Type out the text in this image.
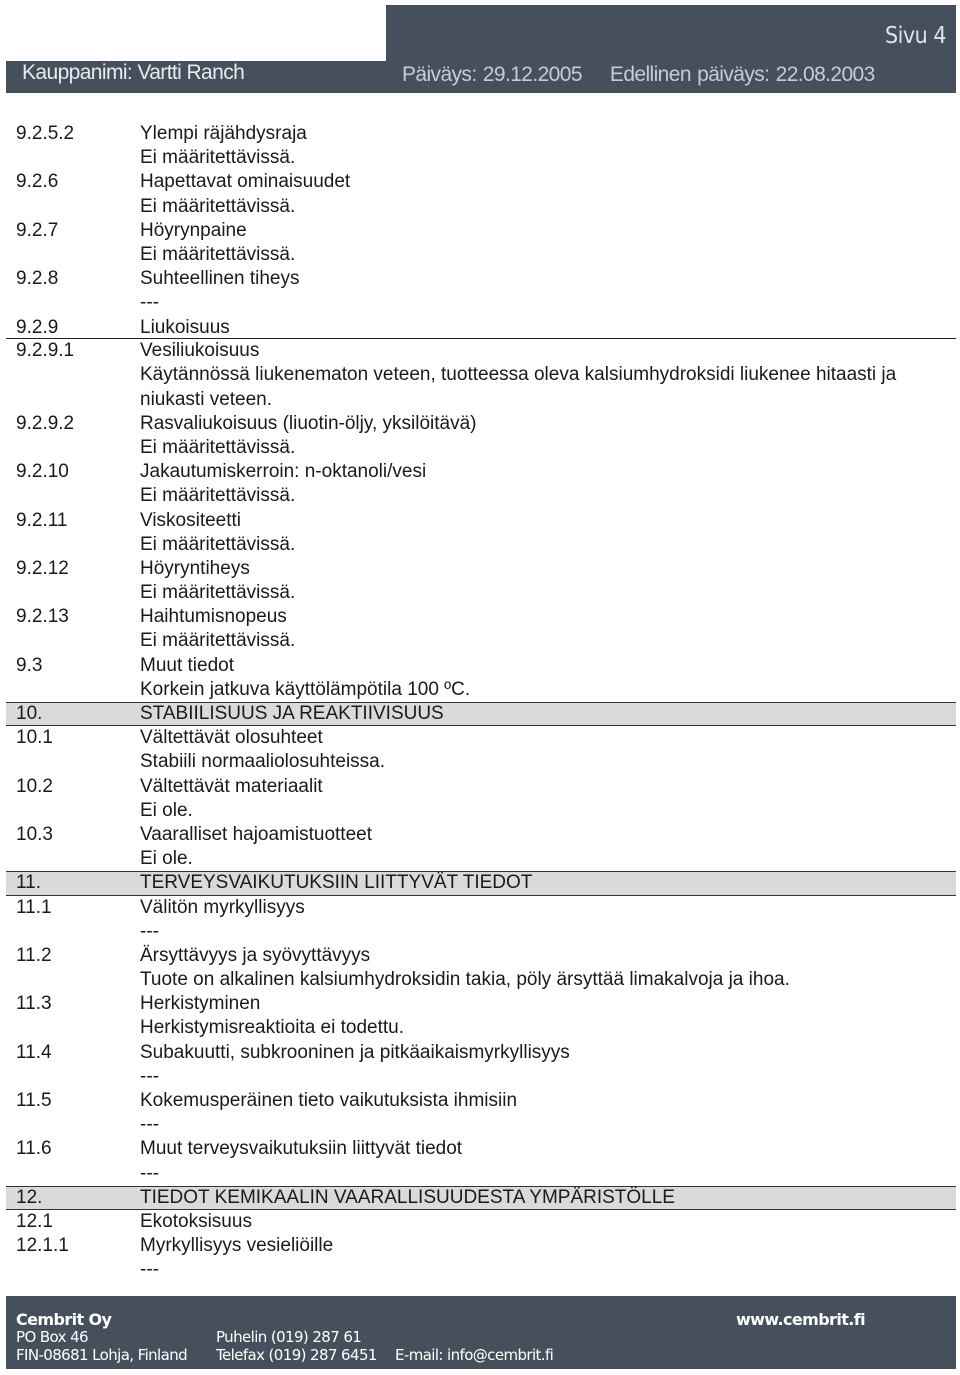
Sivu 4
Kauppanimi: Vartti Ranch	Päiväys: 29.12.2005 Edellinen päiväys: 22.08.2003
9.2.5.2	Ylempi räjähdysraja
Ei määritettävissä.
9.2.6	Hapettavat ominaisuudet
Ei määritettävissä.
9.2.7	Höyrynpaine
Ei määritettävissä.
9.2.8	Suhteellinen tiheys
---
9.2.9	Liukoisuus
9.2.9.1	Vesiliukoisuus
Käytännössä liukenematon veteen, tuotteessa oleva kalsiumhydroksidi liukenee hitaasti ja niukasti veteen.
9.2.9.2	Rasvaliukoisuus (liuotin-öljy, yksilöitävä)
Ei määritettävissä.
9.2.10	Jakautumiskerroin: n-oktanoli/vesi
Ei määritettävissä.
9.2.11	Viskositeetti
Ei määritettävissä.
9.2.12	Höyryntiheys
Ei määritettävissä.
9.2.13	Haihtumisnopeus
Ei määritettävissä.
9.3	Muut tiedot
Korkein jatkuva käyttölämpötila 100 ºC.
10.	STABIILISUUS JA REAKTIIVISUUS
10.1	Vältettävät olosuhteet
Stabiili normaaliolosuhteissa.
10.2	Vältettävät materiaalit
Ei ole.
10.3	Vaaralliset hajoamistuotteet
Ei ole.
11.	TERVEYSVAIKUTUKSIIN LIITTYVÄT TIEDOT
11.1	Välitön myrkyllisyys
---
11.2	Ärsyttävyys ja syövyttävyys
Tuote on alkalinen kalsiumhydroksidin takia, pöly ärsyttää limakalvoja ja ihoa.
11.3	Herkistyminen
Herkistymisreaktioita ei todettu.
11.4	Subakuutti, subkrooninen ja pitkäaikaismyrkyllisyys
---
11.5	Kokemusperäinen tieto vaikutuksista ihmisiin
---
11.6	Muut terveysvaikutuksiin liittyvät tiedot
---
12.	TIEDOT KEMIKAALIN VAARALLISUUDESTA YMPÄRISTÖLLE
12.1	Ekotoksisuus
12.1.1	Myrkyllisyys vesieliöille
---
Cembrit Oy
PO Box 46
FIN-08681 Lohja, Finland
Puhelin (019) 287 61
Telefax (019) 287 6451 E-mail: info@cembrit.fi
www.cembrit.fi
